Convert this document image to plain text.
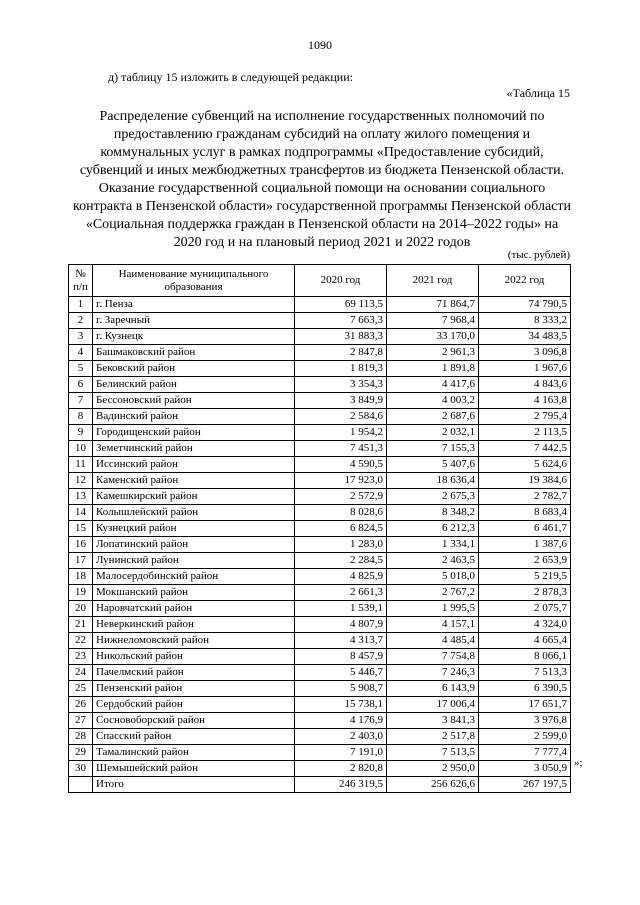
1090
д) таблицу 15 изложить в следующей редакции:
«Таблица 15
Распределение субвенций на исполнение государственных полномочий по предоставлению гражданам субсидий на оплату жилого помещения и коммунальных услуг в рамках подпрограммы «Предоставление субсидий, субвенций и иных межбюджетных трансфертов из бюджета Пензенской области. Оказание государственной социальной помощи на основании социального контракта в Пензенской области» государственной программы Пензенской области «Социальная поддержка граждан в Пензенской области на 2014–2022 годы» на 2020 год и на плановый период 2021 и 2022 годов
(тыс. рублей)
№ п/п	Наименование муниципального образования	2020 год	2021 год	2022 год
1	г. Пенза	69 113,5	71 864,7	74 790,5
2	г. Заречный	7 663,3	7 968,4	8 333,2
3	г. Кузнецк	31 883,3	33 170,0	34 483,5
4	Башмаковский район	2 847,8	2 961,3	3 096,8
5	Бековский район	1 819,3	1 891,8	1 967,6
6	Белинский район	3 354,3	4 417,6	4 843,6
7	Бессоновский район	3 849,9	4 003,2	4 163,8
8	Вадинский район	2 584,6	2 687,6	2 795,4
9	Городищенский район	1 954,2	2 032,1	2 113,5
10	Земетчинский район	7 451,3	7 155,3	7 442,5
11	Иссинский район	4 590,5	5 407,6	5 624,6
12	Каменский район	17 923,0	18 636,4	19 384,6
13	Камешкирский район	2 572,9	2 675,3	2 782,7
14	Колышлейский район	8 028,6	8 348,2	8 683,4
15	Кузнецкий район	6 824,5	6 212,3	6 461,7
16	Лопатинский район	1 283,0	1 334,1	1 387,6
17	Лунинский район	2 284,5	2 463,5	2 653,9
18	Малосердобинский район	4 825,9	5 018,0	5 219,5
19	Мокшанский район	2 661,3	2 767,2	2 878,3
20	Наровчатский район	1 539,1	1 995,5	2 075,7
21	Неверкинский район	4 807,9	4 157,1	4 324,0
22	Нижнеломовский район	4 313,7	4 485,4	4 665,4
23	Никольский район	8 457,9	7 754,8	8 066,1
24	Пачелмский район	5 446,7	7 246,3	7 513,3
25	Пензенский район	5 908,7	6 143,9	6 390,5
26	Сердобский район	15 738,1	17 006,4	17 651,7
27	Сосновоборский район	4 176,9	3 841,3	3 976,8
28	Спасский район	2 403,0	2 517,8	2 599,0
29	Тамалинский район	7 191,0	7 513,5	7 777,4
30	Шемышейский район	2 820,8	2 950,0	3 050,9
	Итого	246 319,5	256 626,6	267 197,5
»;
